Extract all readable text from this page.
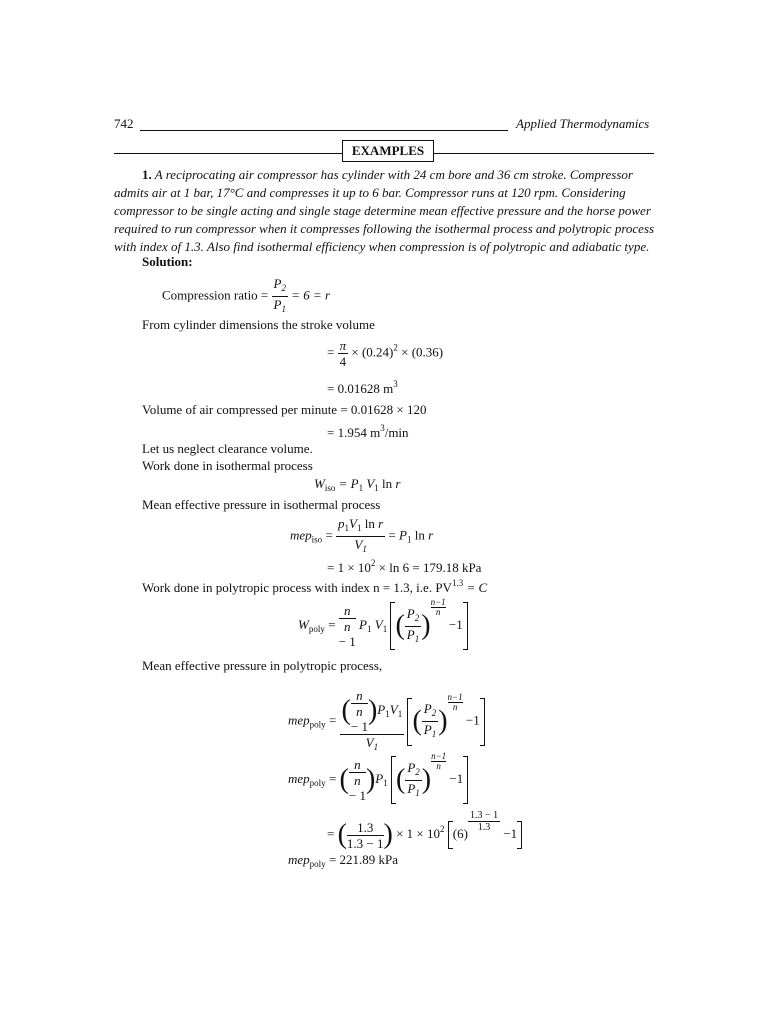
742	Applied Thermodynamics
EXAMPLES
1. A reciprocating air compressor has cylinder with 24 cm bore and 36 cm stroke. Compressor
admits air at 1 bar, 17°C and compresses it up to 6 bar. Compressor runs at 120 rpm. Considering
compressor to be single acting and single stage determine mean effective pressure and the horse power
required to run compressor when it compresses following the isothermal process and polytropic process
with index of 1.3. Also find isothermal efficiency when compression is of polytropic and adiabatic type.
Solution:
Compression ratio = $\frac{P_2}{P_1} = 6 = r$
From cylinder dimensions the stroke volume
= $\frac{\pi}{4} \times (0.24)^2 \times (0.36)$
= 0.01628 $m^3$
Volume of air compressed per minute = 0.01628 × 120
= 1.954 $m^3/\min$
Let us neglect clearance volume.
Work done in isothermal process
$W_{iso} = P_1$ $V_1$ ln r
Mean effective pressure in isothermal process
$mep_{iso} = \frac{p_1V_1 \ln r}{V_1} = P_1$ ln r
= $1 \times 10^2 \times \ln 6 = 179.18$ kPa
Work done in polytropic process with index n = 1.3, i.e. $PV^{1.3} = C$
$W_{poly}$ =
n
n
− 1 $P_1$ $V_1$ ( $\frac{P_2}{P_1}$ )
$\frac{n-1}{n} -1$
Mean effective pressure in polytropic process,
mep$_{poly}$ = ( n
n
− $1)P_1V_1$
$V_1$ ( $\frac{P_2}{P_1}$ )
$\frac{n-1}{n} -1$
mep$_{poly}$ = ( n
n
− $1)P_1$ ( $\frac{P_2}{P_1}$ )
$\frac{n-1}{n} -1$
= ( $\frac{1.3}{1.3 - 1}$ ) × $1 \times 10^2$ (6)
$\frac{1.3 - 1}{1.3}$
−1
mep$_{poly}$ = 221.89 kPa
